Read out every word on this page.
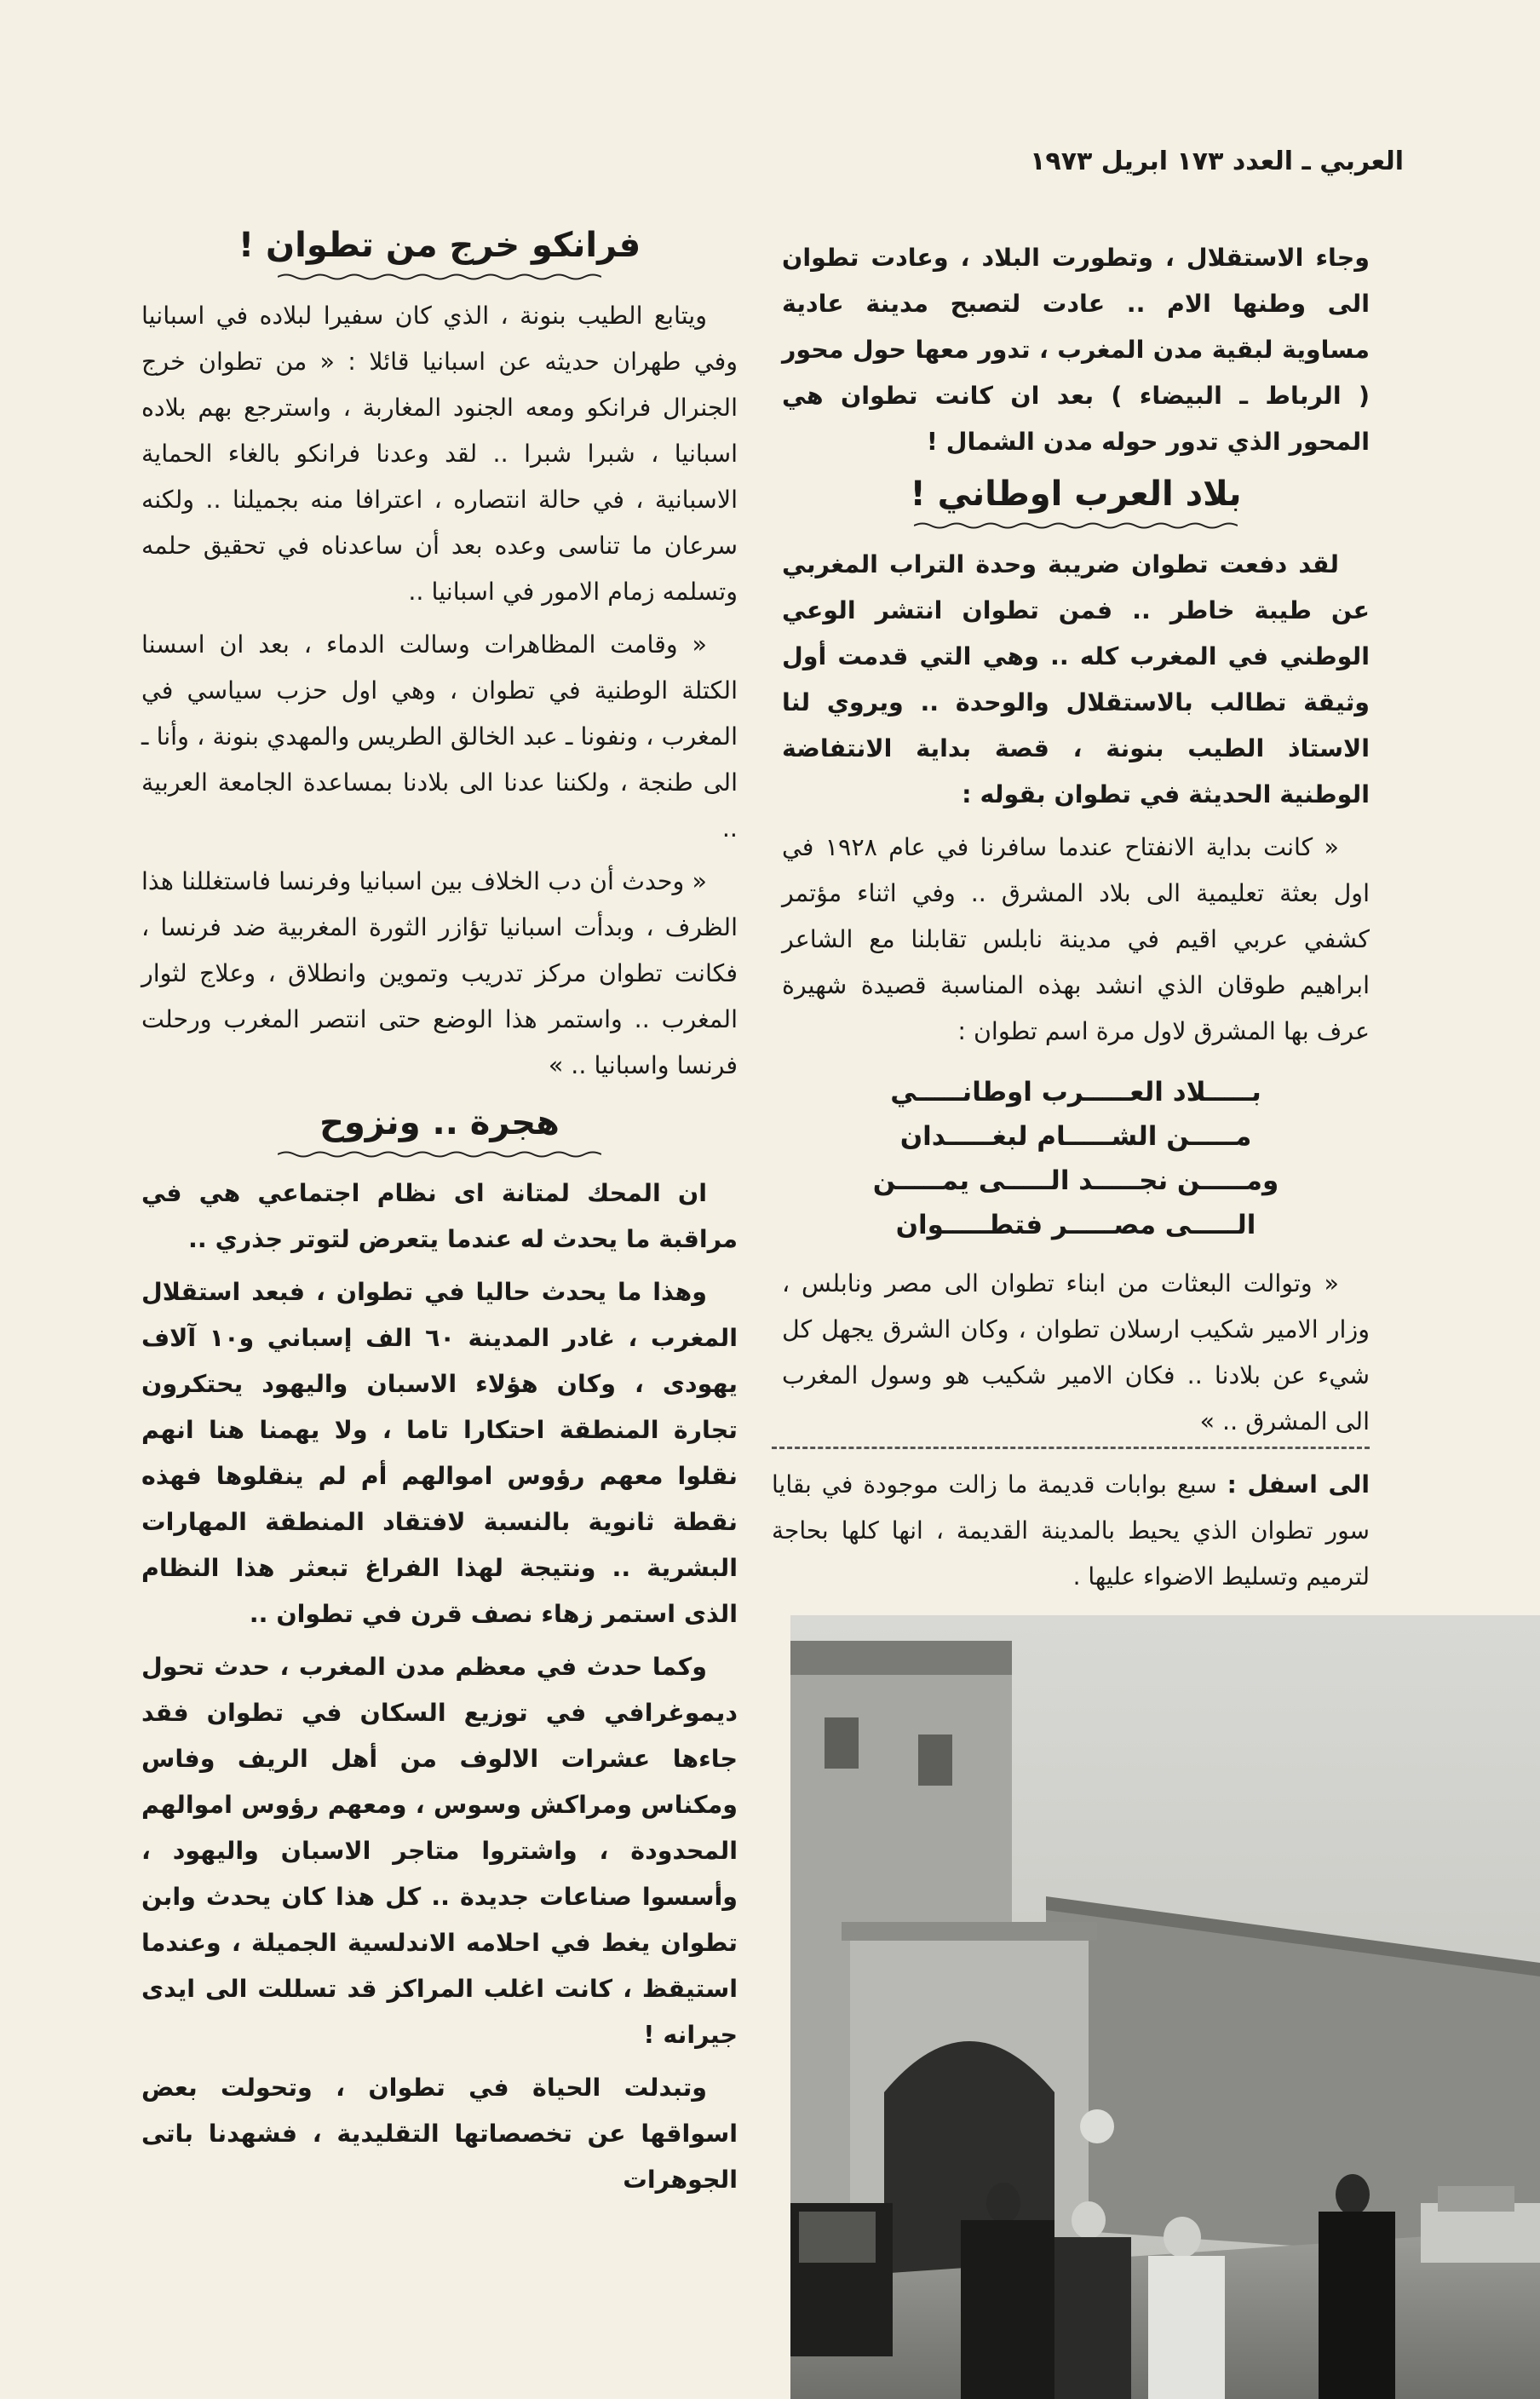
العربي ـ العدد ١٧٣ ابريل ١٩٧٣

وجاء الاستقلال ، وتطورت البلاد ، وعادت تطوان الى وطنها الام .. عادت لتصبح مدينة عادية مساوية لبقية مدن المغرب ، تدور معها حول محور ( الرباط ـ البيضاء ) بعد ان كانت تطوان هي المحور الذي تدور حوله مدن الشمال !

بلاد العرب اوطاني !

لقد دفعت تطوان ضريبة وحدة التراب المغربي عن طيبة خاطر .. فمن تطوان انتشر الوعي الوطني في المغرب كله .. وهي التي قدمت أول وثيقة تطالب بالاستقلال والوحدة .. ويروي لنا الاستاذ الطيب بنونة ، قصة بداية الانتفاضة الوطنية الحديثة في تطوان بقوله :

« كانت بداية الانفتاح عندما سافرنا في عام ١٩٢٨ في اول بعثة تعليمية الى بلاد المشرق .. وفي اثناء مؤتمر كشفي عربي اقيم في مدينة نابلس تقابلنا مع الشاعر ابراهيم طوقان الذي انشد بهذه المناسبة قصيدة شهيرة عرف بها المشرق لاول مرة اسم تطوان :

بـــــلاد العـــــرب اوطانـــــي
مـــــن الشـــــام لبغـــــدان
ومـــــن نجـــــد الـــــى يمـــــن
الـــــى مصـــــر فتطـــــوان

« وتوالت البعثات من ابناء تطوان الى مصر ونابلس ، وزار الامير شكيب ارسلان تطوان ، وكان الشرق يجهل كل شيء عن بلادنا .. فكان الامير شكيب هو وسول المغرب الى المشرق .. »

الى اسفل : سبع بوابات قديمة ما زالت موجودة في بقايا سور تطوان الذي يحيط بالمدينة القديمة ، انها كلها بحاجة لترميم وتسليط الاضواء عليها .
فرانكو خرج من تطوان !

ويتابع الطيب بنونة ، الذي كان سفيرا لبلاده في اسبانيا وفي طهران حديثه عن اسبانيا قائلا : « من تطوان خرج الجنرال فرانكو ومعه الجنود المغاربة ، واسترجع بهم بلاده اسبانيا ، شبرا شبرا .. لقد وعدنا فرانكو بالغاء الحماية الاسبانية ، في حالة انتصاره ، اعترافا منه بجميلنا .. ولكنه سرعان ما تناسى وعده بعد أن ساعدناه في تحقيق حلمه وتسلمه زمام الامور في اسبانيا ..

« وقامت المظاهرات وسالت الدماء ، بعد ان اسسنا الكتلة الوطنية في تطوان ، وهي اول حزب سياسي في المغرب ، ونفونا ـ عبد الخالق الطريس والمهدي بنونة ، وأنا ـ الى طنجة ، ولكننا عدنا الى بلادنا بمساعدة الجامعة العربية ..

« وحدث أن دب الخلاف بين اسبانيا وفرنسا فاستغللنا هذا الظرف ، وبدأت اسبانيا تؤازر الثورة المغربية ضد فرنسا ، فكانت تطوان مركز تدريب وتموين وانطلاق ، وعلاج لثوار المغرب .. واستمر هذا الوضع حتى انتصر المغرب ورحلت فرنسا واسبانيا .. »

هجرة .. ونزوح

ان المحك لمتانة اى نظام اجتماعي هي في مراقبة ما يحدث له عندما يتعرض لتوتر جذري ..

وهذا ما يحدث حاليا في تطوان ، فبعد استقلال المغرب ، غادر المدينة ٦٠ الف إسباني و١٠ آلاف يهودى ، وكان هؤلاء الاسبان واليهود يحتكرون تجارة المنطقة احتكارا تاما ، ولا يهمنا هنا انهم نقلوا معهم رؤوس اموالهم أم لم ينقلوها فهذه نقطة ثانوية بالنسبة لافتقاد المنطقة المهارات البشرية .. ونتيجة لهذا الفراغ تبعثر هذا النظام الذى استمر زهاء نصف قرن في تطوان ..

وكما حدث في معظم مدن المغرب ، حدث تحول ديموغرافي في توزيع السكان في تطوان فقد جاءها عشرات الالوف من أهل الريف وفاس ومكناس ومراكش وسوس ، ومعهم رؤوس اموالهم المحدودة ، واشتروا متاجر الاسبان واليهود ، وأسسوا صناعات جديدة .. كل هذا كان يحدث وابن تطوان يغط في احلامه الاندلسية الجميلة ، وعندما استيقظ ، كانت اغلب المراكز قد تسللت الى ايدى جيرانه !

وتبدلت الحياة في تطوان ، وتحولت بعض اسواقها عن تخصصاتها التقليدية ، فشهدنا باتى الجوهرات
